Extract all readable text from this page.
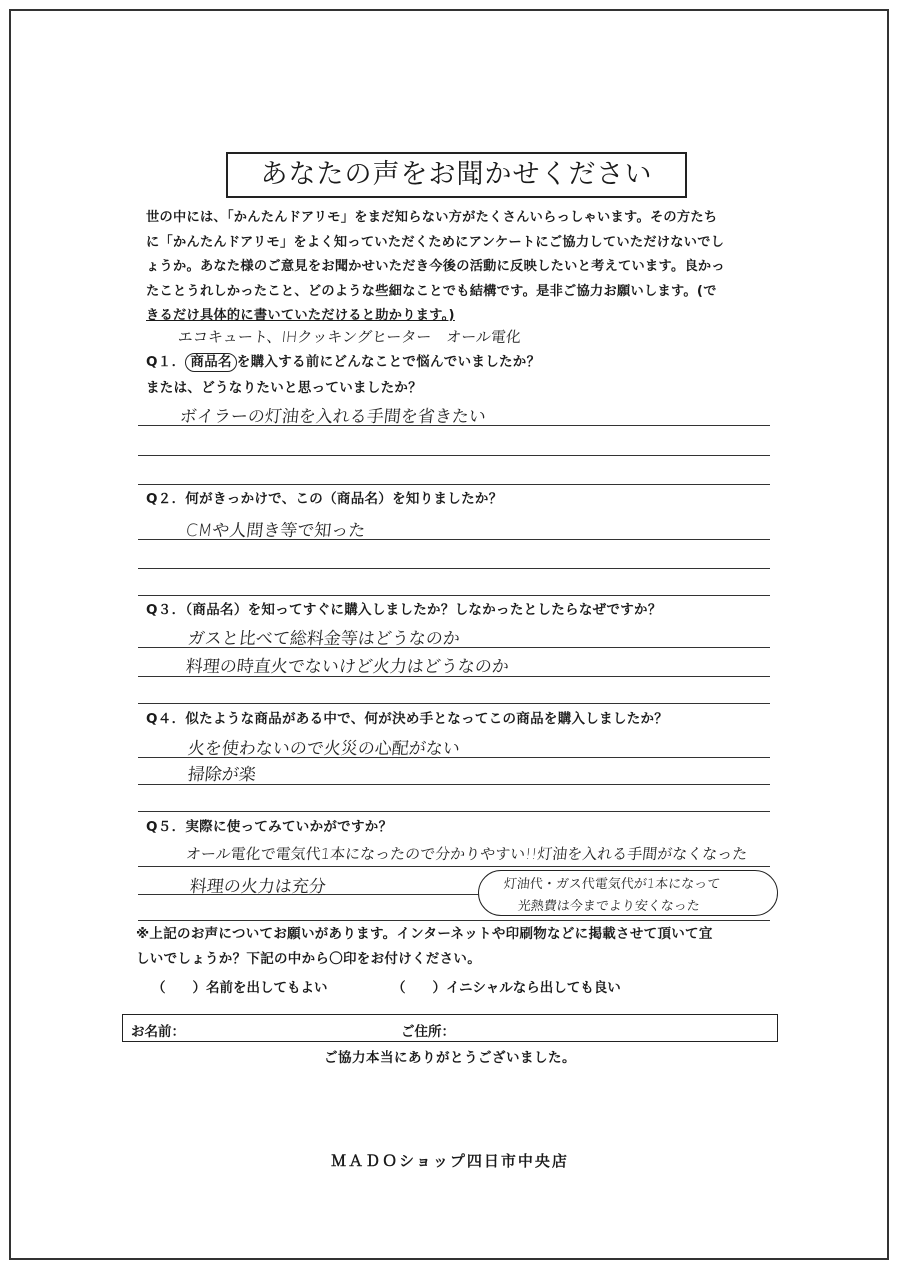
あなたの声をお聞かせください
世の中には、「かんたんドアリモ」をまだ知らない方がたくさんいらっしゃいます。その方たち
に「かんたんドアリモ」をよく知っていただくためにアンケートにご協力していただけないでし
ょうか。あなた様のご意見をお聞かせいただき今後の活動に反映したいと考えています。良かっ
たことうれしかったこと、どのような些細なことでも結構です。是非ご協力お願いします。(で
きるだけ具体的に書いていただけると助かります。)
エコキュート、IHクッキングヒーター　オール電化
Q１． 商品名 を購入する前にどんなことで悩んでいましたか？
または、どうなりたいと思っていましたか？
ボイラーの灯油を入れる手間を省きたい
Q２．何がきっかけで、この（商品名）を知りましたか？
CMや人問き等で知った
Q３．（商品名）を知ってすぐに購入しましたか？しなかったとしたらなぜですか？
ガスと比べて総料金等はどうなのか
料理の時直火でないけど火力はどうなのか
Q４．似たような商品がある中で、何が決め手となってこの商品を購入しましたか？
火を使わないので火災の心配がない
掃除が楽
Q５．実際に使ってみていかがですか？
オール電化で電気代1本になったので分かりやすい!!灯油を入れる手間がなくなった
料理の火力は充分	灯油代・ガス代電気代が1本になって
光熱費は今までより安くなった
※上記のお声についてお願いがあります。インターネットや印刷物などに掲載させて頂いて宜
しいでしょうか？下記の中から〇印をお付けください。
（　　）名前を出してもよい	（　　）イニシャルなら出しても良い
お名前：	ご住所：
ご協力本当にありがとうございました。
ＭＡＤＯショップ四日市中央店
